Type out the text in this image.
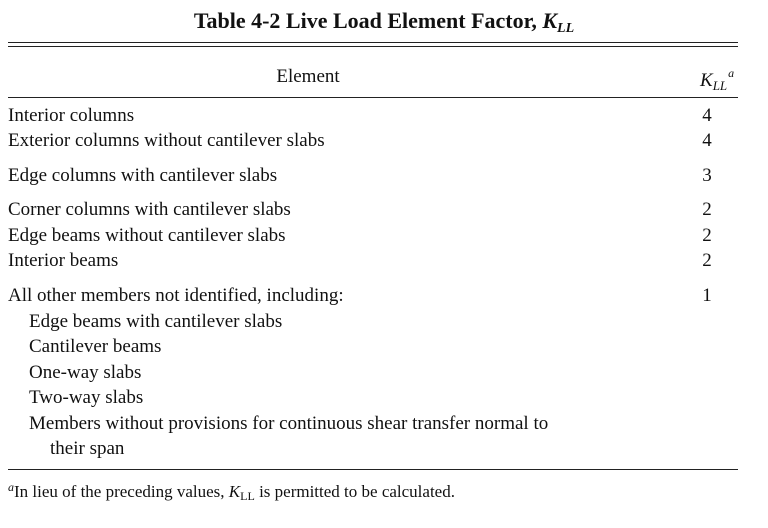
Table 4-2 Live Load Element Factor, $K_{LL}$
Element	$K_{LL}^a$
Interior columns	4
Exterior columns without cantilever slabs	4
Edge columns with cantilever slabs	3
Corner columns with cantilever slabs	2
Edge beams without cantilever slabs	2
Interior beams	2
All other members not identified, including:	1
Edge beams with cantilever slabs
Cantilever beams
One-way slabs
Two-way slabs
Members without provisions for continuous shear transfer normal to
their span
$^a$In lieu of the preceding values, $K_{LL}$ is permitted to be calculated.
